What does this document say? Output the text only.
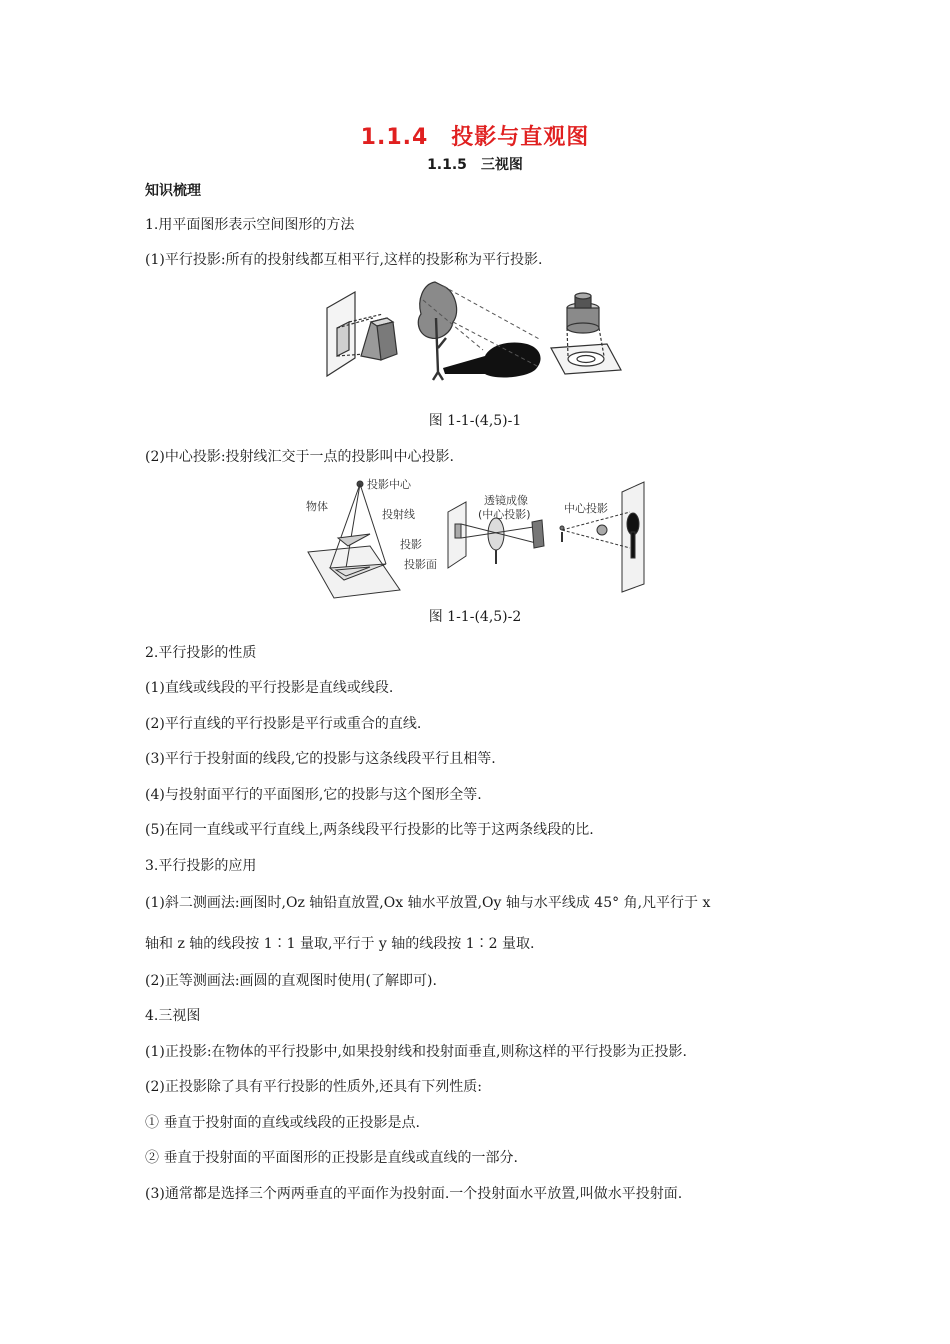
1.1.4　投影与直观图
1.1.5　三视图
知识梳理
1.用平面图形表示空间图形的方法
(1)平行投影:所有的投射线都互相平行,这样的投影称为平行投影.
图 1-1-(4,5)-1
(2)中心投影:投射线汇交于一点的投影叫中心投影.
投影中心
物体
投射线
投影
投影面
透镜成像
(中心投影)	中心投影
图 1-1-(4,5)-2
2.平行投影的性质
(1)直线或线段的平行投影是直线或线段.
(2)平行直线的平行投影是平行或重合的直线.
(3)平行于投射面的线段,它的投影与这条线段平行且相等.
(4)与投射面平行的平面图形,它的投影与这个图形全等.
(5)在同一直线或平行直线上,两条线段平行投影的比等于这两条线段的比.
3.平行投影的应用
(1)斜二测画法:画图时,Oz 轴铅直放置,Ox 轴水平放置,Oy 轴与水平线成 45° 角,凡平行于 x
轴和 z 轴的线段按 1∶1 量取,平行于 y 轴的线段按 1∶2 量取.
(2)正等测画法:画圆的直观图时使用(了解即可).
4.三视图
(1)正投影:在物体的平行投影中,如果投射线和投射面垂直,则称这样的平行投影为正投影.
(2)正投影除了具有平行投影的性质外,还具有下列性质:
① 垂直于投射面的直线或线段的正投影是点.
② 垂直于投射面的平面图形的正投影是直线或直线的一部分.
(3)通常都是选择三个两两垂直的平面作为投射面.一个投射面水平放置,叫做水平投射面.
